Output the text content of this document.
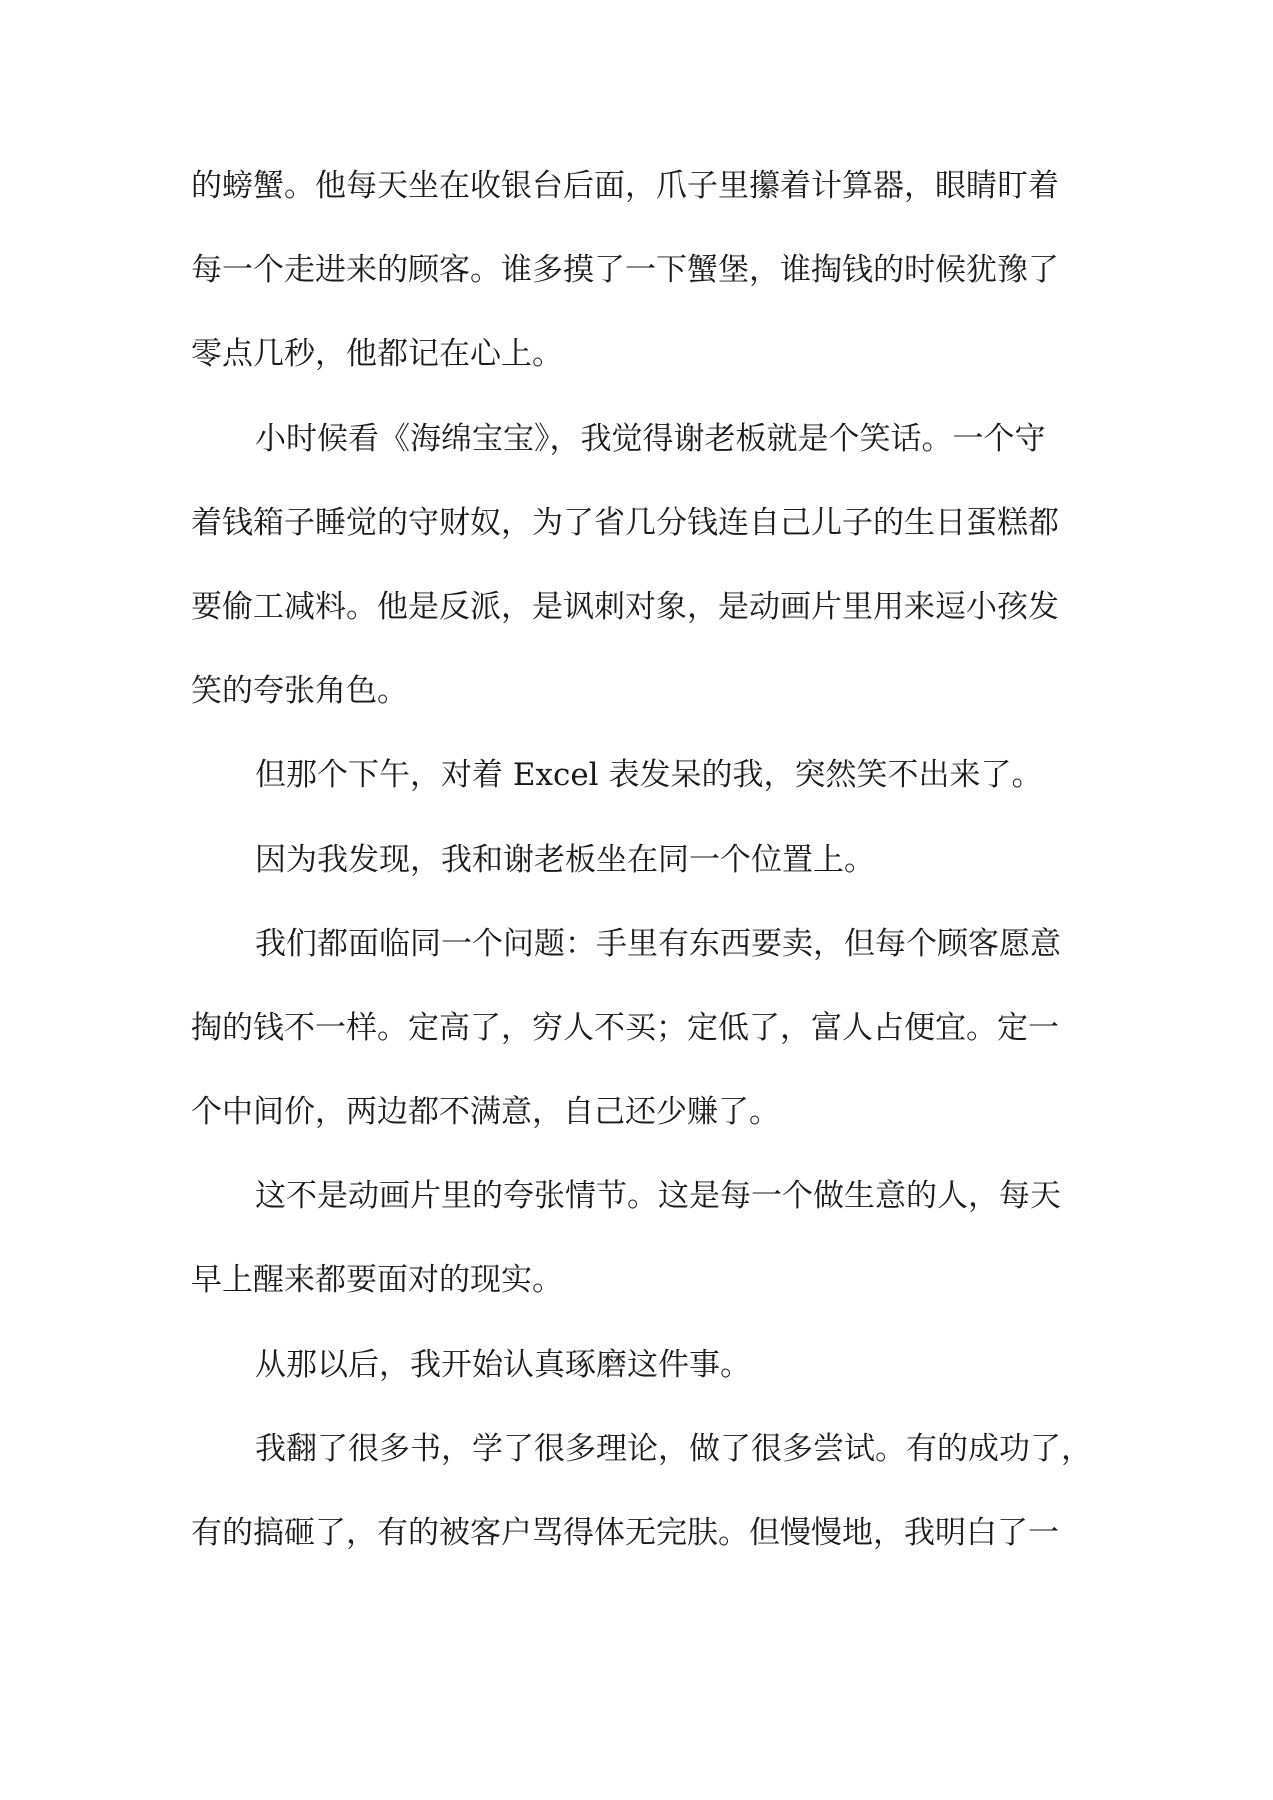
的螃蟹。他每天坐在收银台后面，爪子里攥着计算器，眼睛盯着
每一个走进来的顾客。谁多摸了一下蟹堡，谁掏钱的时候犹豫了
零点几秒，他都记在心上。
小时候看《海绵宝宝》，我觉得谢老板就是个笑话。一个守
着钱箱子睡觉的守财奴，为了省几分钱连自己儿子的生日蛋糕都
要偷工减料。他是反派，是讽刺对象，是动画片里用来逗小孩发
笑的夸张角色。
但那个下午，对着 Excel 表发呆的我，突然笑不出来了。
因为我发现，我和谢老板坐在同一个位置上。
我们都面临同一个问题：手里有东西要卖，但每个顾客愿意
掏的钱不一样。定高了，穷人不买；定低了，富人占便宜。定一
个中间价，两边都不满意，自己还少赚了。
这不是动画片里的夸张情节。这是每一个做生意的人，每天
早上醒来都要面对的现实。
从那以后，我开始认真琢磨这件事。
我翻了很多书，学了很多理论，做了很多尝试。有的成功了，
有的搞砸了，有的被客户骂得体无完肤。但慢慢地，我明白了一
